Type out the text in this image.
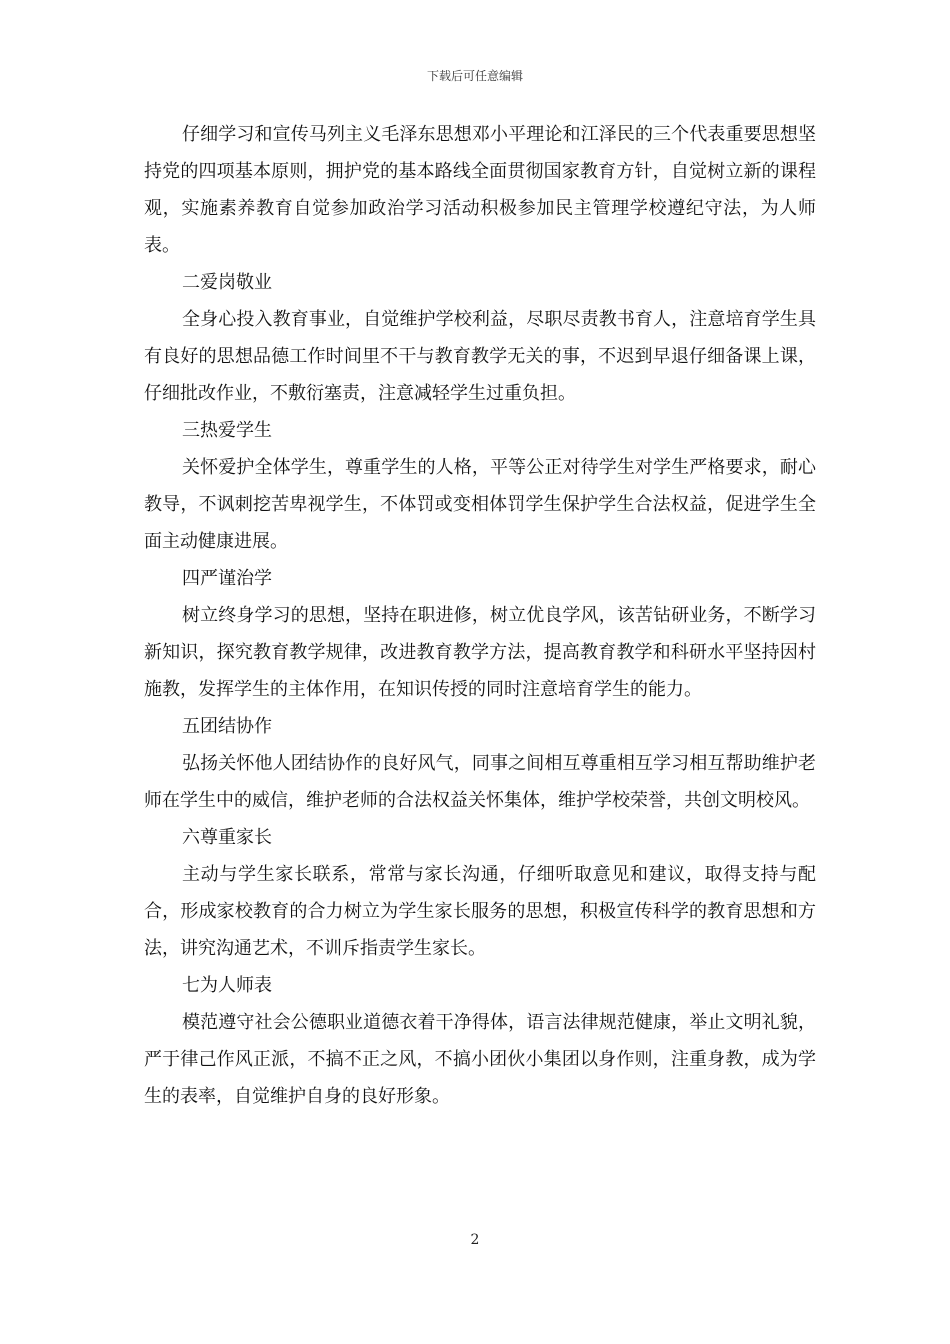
下载后可任意编辑

仔细学习和宣传马列主义毛泽东思想邓小平理论和江泽民的三个代表重要思想坚持党的四项基本原则，拥护党的基本路线全面贯彻国家教育方针，自觉树立新的课程观，实施素养教育自觉参加政治学习活动积极参加民主管理学校遵纪守法，为人师表。

二爱岗敬业

全身心投入教育事业，自觉维护学校利益，尽职尽责教书育人，注意培育学生具有良好的思想品德工作时间里不干与教育教学无关的事，不迟到早退仔细备课上课，仔细批改作业，不敷衍塞责，注意减轻学生过重负担。

三热爱学生

关怀爱护全体学生，尊重学生的人格，平等公正对待学生对学生严格要求，耐心教导，不讽刺挖苦卑视学生，不体罚或变相体罚学生保护学生合法权益，促进学生全面主动健康进展。

四严谨治学

树立终身学习的思想，坚持在职进修，树立优良学风，该苦钻研业务，不断学习新知识，探究教育教学规律，改进教育教学方法，提高教育教学和科研水平坚持因村施教，发挥学生的主体作用，在知识传授的同时注意培育学生的能力。

五团结协作

弘扬关怀他人团结协作的良好风气，同事之间相互尊重相互学习相互帮助维护老师在学生中的威信，维护老师的合法权益关怀集体，维护学校荣誉，共创文明校风。

六尊重家长

主动与学生家长联系，常常与家长沟通，仔细听取意见和建议，取得支持与配合，形成家校教育的合力树立为学生家长服务的思想，积极宣传科学的教育思想和方法，讲究沟通艺术，不训斥指责学生家长。

七为人师表

模范遵守社会公德职业道德衣着干净得体，语言法律规范健康，举止文明礼貌，严于律己作风正派，不搞不正之风，不搞小团伙小集团以身作则，注重身教，成为学生的表率，自觉维护自身的良好形象。

2
